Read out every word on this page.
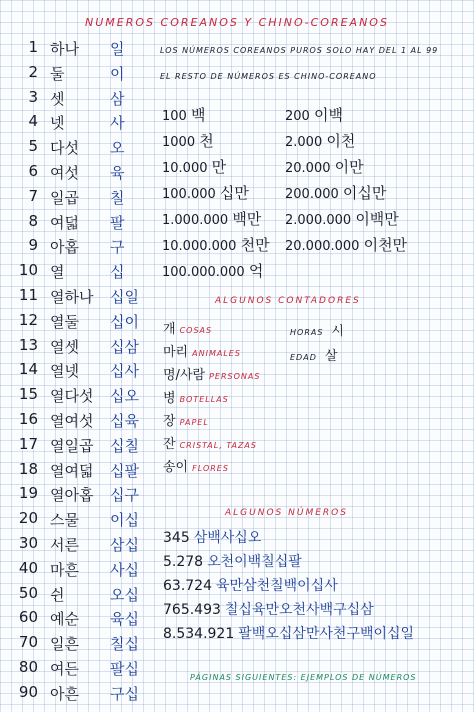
NUMEROS COREANOS Y CHINO-COREANOS
1 하나 일
2 둘	이
3 셋	삼
4 넷	사
5 다섯 오
6 여섯 육
7 일곱 칠
8 여덟 팔
9 아홉 구
10 열	십
11 열하나 십일
12 열둘 십이
13 열셋 십삼
14 열넷 십사
15 열다섯 십오
16 열여섯 십육
17 열일곱 십칠
18 열여덟 십팔
19 열아홉 십구
20 스물 이십
30 서른 삼십
40 마흔 사십
50 쉰	오십
60 예순 육십
70 일흔 칠십
80 여든 팔십
90 아흔 구십
LOS NÚMEROS COREANOS PUROS SOLO HAY DEL 1 AL 99
EL RESTO DE NÚMEROS ES CHINO-COREANO
100 백	200 이백
1000 천	2.000 이천
10.000 만	20.000 이만
100.000 십만	200.000 이십만
1.000.000 백만 2.000.000 이백만
10.000.000 천만 20.000.000 이천만
100.000.000 억
ALGUNOS CONTADORES
개COSAS
마리 ANIMALES
명/사람 PERSONAS
병BOTELLAS
장PAPEL
잔CRISTAL, TAZAS
송이 FLORES
HORAS 시
EDAD 살
ALGUNOS NÚMEROS
345 삼백사십오
5.278 오천이백칠십팔
63.724 육만삼천칠백이십사
765.493 칠십육만오천사백구십삼
8.534.921 팔백오십삼만사천구백이십일
PÁGINAS SIGUIENTES: EJEMPLOS DE NÚMEROS
